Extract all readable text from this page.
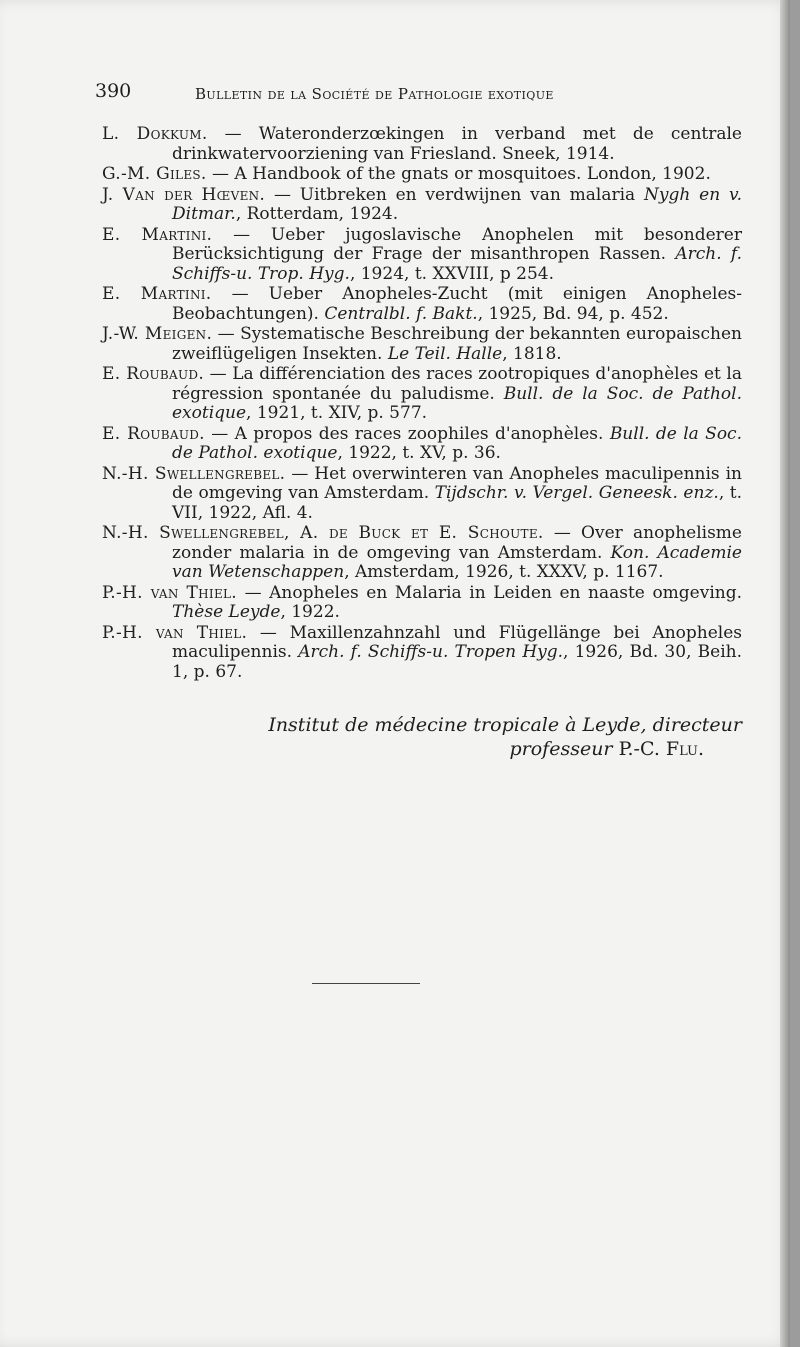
390	Bulletin de la Société de Pathologie exotique

L. Dokkum. — Wateronderzœkingen in verband met de centrale drinkwatervoorziening van Friesland. Sneek, 1914.

G.-M. Giles. — A Handbook of the gnats or mosquitoes. London, 1902.

J. Van der Hœven. — Uitbreken en verdwijnen van malaria Nygh en v. Ditmar., Rotterdam, 1924.

E. Martini. — Ueber jugoslavische Anophelen mit besonderer Berücksichtigung der Frage der misanthropen Rassen. Arch. f. Schiffs-u. Trop. Hyg., 1924, t. XXVIII, p 254.

E. Martini. — Ueber Anopheles-Zucht (mit einigen Anopheles-Beobachtungen). Centralbl. f. Bakt., 1925, Bd. 94, p. 452.

J.-W. Meigen. — Systematische Beschreibung der bekannten europaischen zweiflügeligen Insekten. Le Teil. Halle, 1818.

E. Roubaud. — La différenciation des races zootropiques d'anophèles et la régression spontanée du paludisme. Bull. de la Soc. de Pathol. exotique, 1921, t. XIV, p. 577.

E. Roubaud. — A propos des races zoophiles d'anophèles. Bull. de la Soc. de Pathol. exotique, 1922, t. XV, p. 36.

N.-H. Swellengrebel. — Het overwinteren van Anopheles maculipennis in de omgeving van Amsterdam. Tijdschr. v. Vergel. Geneesk. enz., t. VII, 1922, Afl. 4.

N.-H. Swellengrebel, A. de Buck et E. Schoute. — Over anophelisme zonder malaria in de omgeving van Amsterdam. Kon. Academie van Wetenschappen, Amsterdam, 1926, t. XXXV, p. 1167.

P.-H. van Thiel. — Anopheles en Malaria in Leiden en naaste omgeving. Thèse Leyde, 1922.

P.-H. van Thiel. — Maxillenzahnzahl und Flügellänge bei Anopheles maculipennis. Arch. f. Schiffs-u. Tropen Hyg., 1926, Bd. 30, Beih. 1, p. 67.

Institut de médecine tropicale à Leyde, directeur
professeur P.-C. Flu.
